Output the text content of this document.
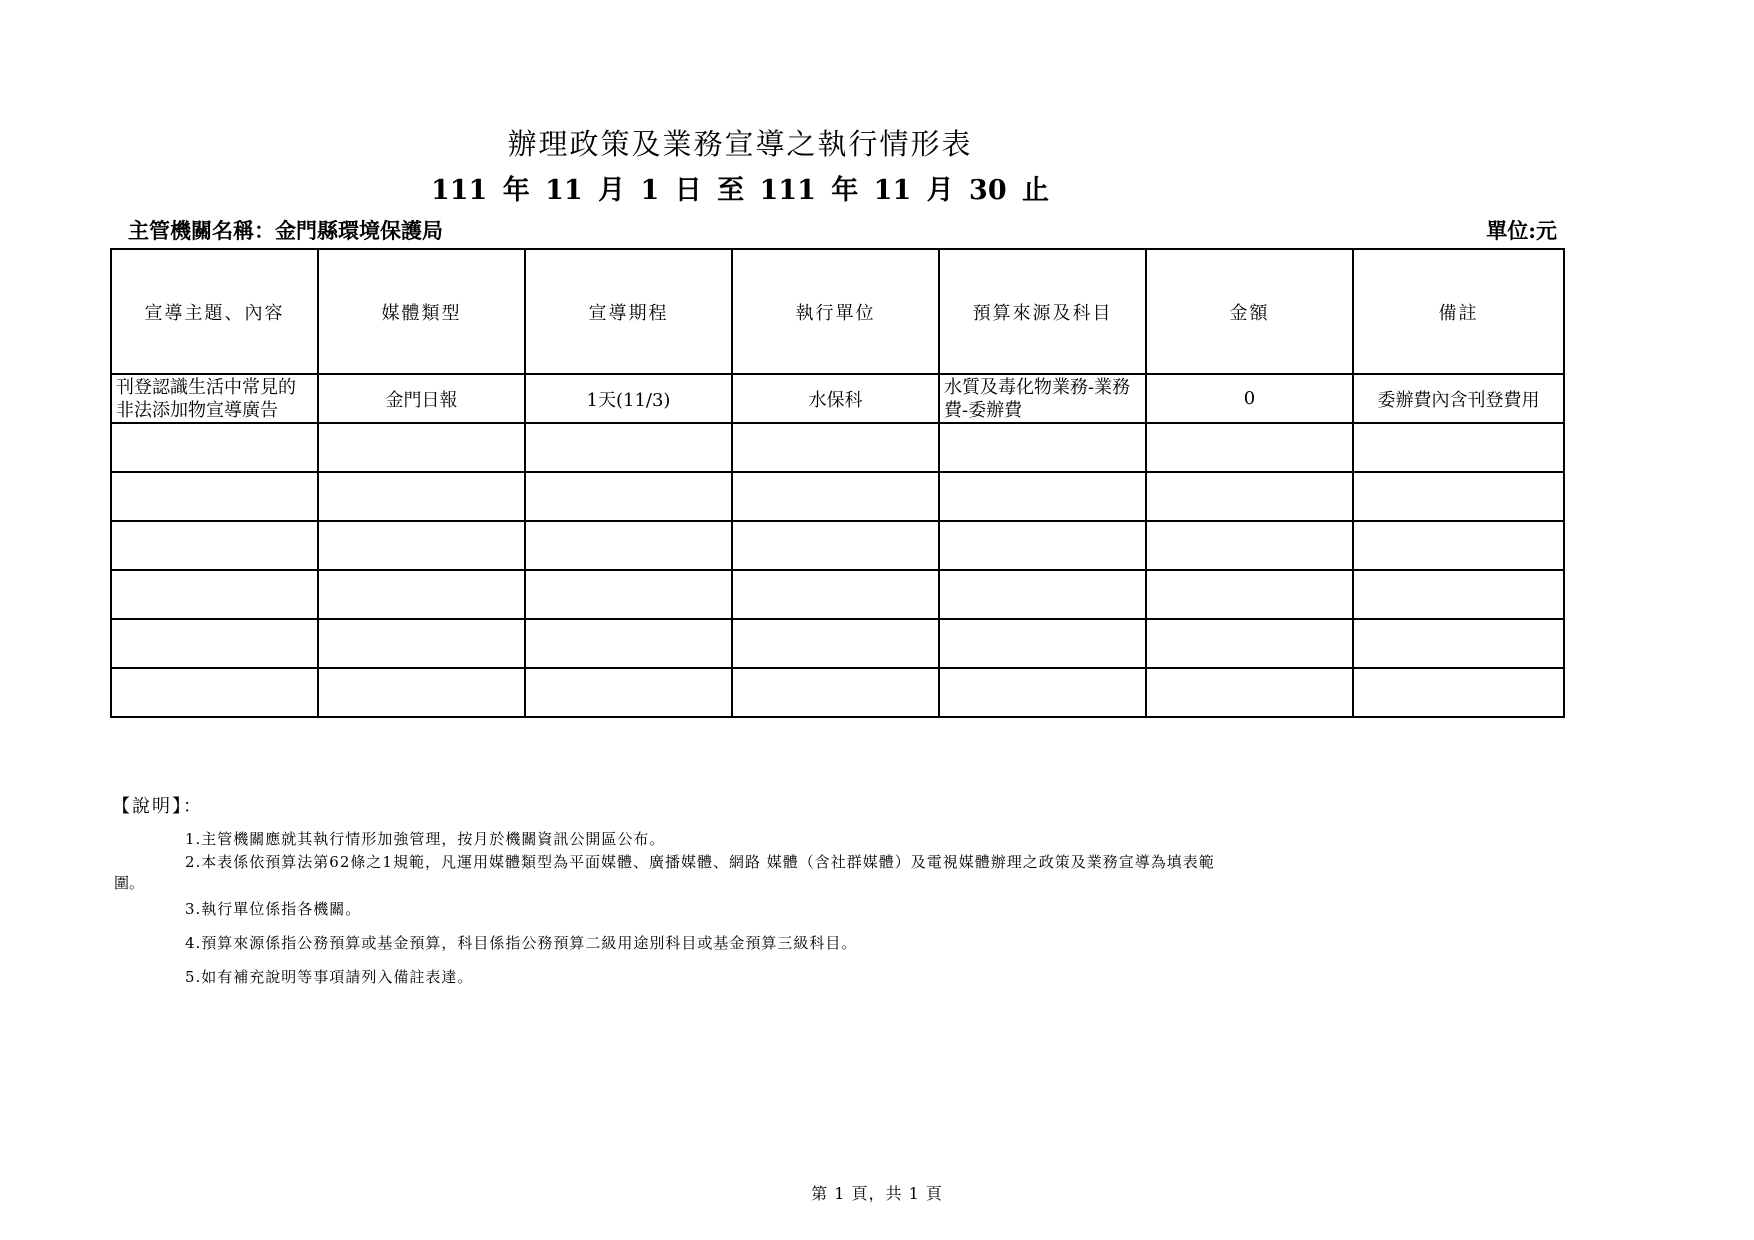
辦理政策及業務宣導之執行情形表
111 年 11 月 1 日 至 111 年 11 月 30 止
主管機關名稱：金門縣環境保護局	單位:元
宣導主題、內容	媒體類型	宣導期程	執行單位	預算來源及科目	金額	備註
刊登認識生活中常見的非法添加物宣導廣告	金門日報	1天(11/3)	水保科	水質及毒化物業務-業務費-委辦費	0	委辦費內含刊登費用

【說明】：
1.主管機關應就其執行情形加強管理，按月於機關資訊公開區公布。
2.本表係依預算法第62條之1規範，凡運用媒體類型為平面媒體、廣播媒體、網路 媒體（含社群媒體）及電視媒體辦理之政策及業務宣導為填表範
圍。
3.執行單位係指各機關。
4.預算來源係指公務預算或基金預算，科目係指公務預算二級用途別科目或基金預算三級科目。
5.如有補充說明等事項請列入備註表達。
第 1 頁，共 1 頁
